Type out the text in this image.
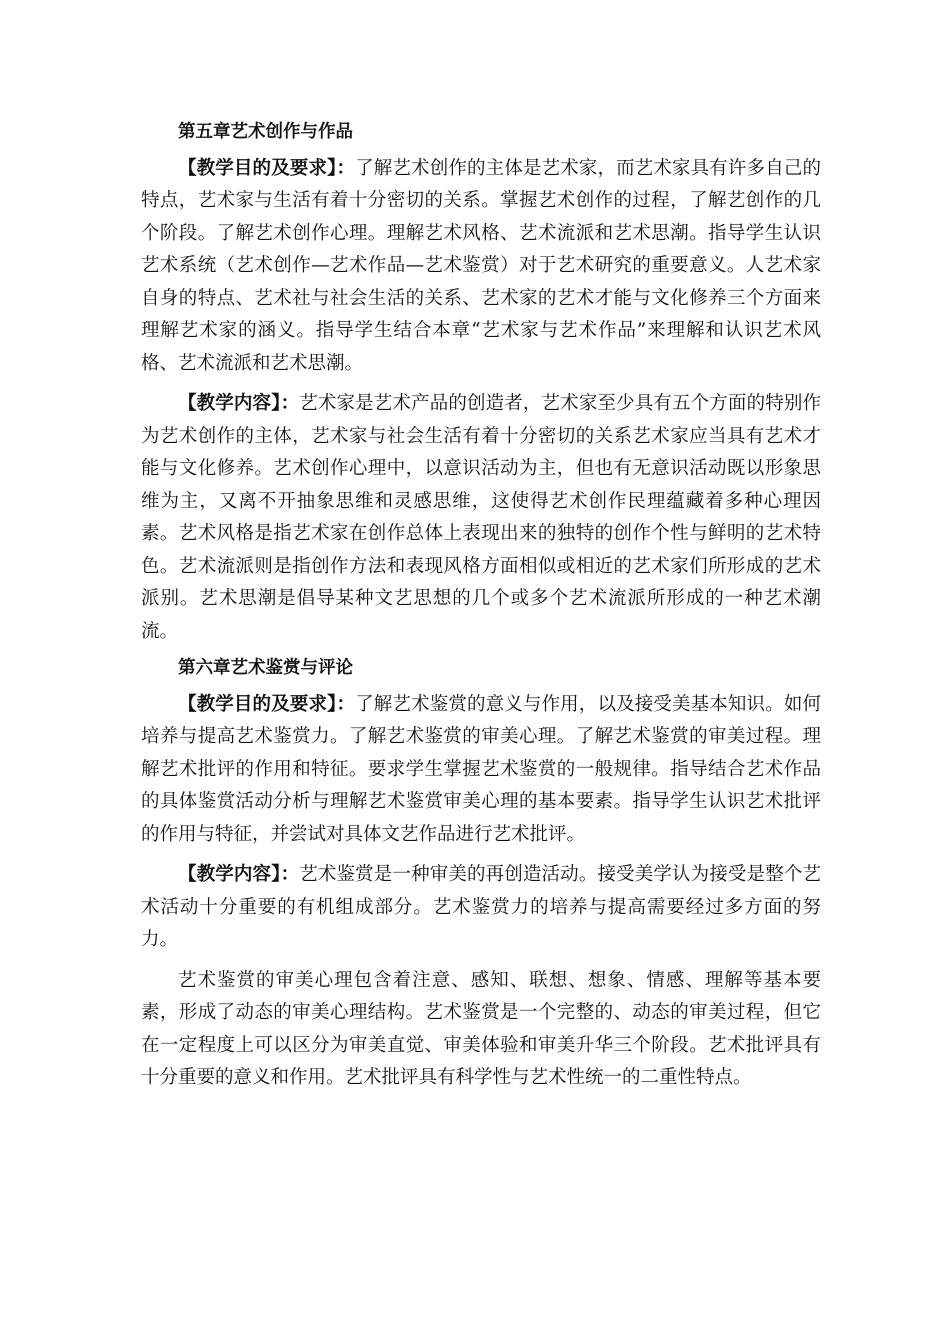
第五章艺术创作与作品

【教学目的及要求】：了解艺术创作的主体是艺术家，而艺术家具有许多自己的特点，艺术家与生活有着十分密切的关系。掌握艺术创作的过程，了解艺创作的几个阶段。了解艺术创作心理。理解艺术风格、艺术流派和艺术思潮。指导学生认识艺术系统（艺术创作—艺术作品—艺术鉴赏）对于艺术研究的重要意义。人艺术家自身的特点、艺术社与社会生活的关系、艺术家的艺术才能与文化修养三个方面来理解艺术家的涵义。指导学生结合本章“艺术家与艺术作品”来理解和认识艺术风格、艺术流派和艺术思潮。

【教学内容】：艺术家是艺术产品的创造者，艺术家至少具有五个方面的特别作为艺术创作的主体，艺术家与社会生活有着十分密切的关系艺术家应当具有艺术才能与文化修养。艺术创作心理中，以意识活动为主，但也有无意识活动既以形象思维为主，又离不开抽象思维和灵感思维，这使得艺术创作民理蕴藏着多种心理因素。艺术风格是指艺术家在创作总体上表现出来的独特的创作个性与鲜明的艺术特色。艺术流派则是指创作方法和表现风格方面相似或相近的艺术家们所形成的艺术派别。艺术思潮是倡导某种文艺思想的几个或多个艺术流派所形成的一种艺术潮流。

第六章艺术鉴赏与评论

【教学目的及要求】：了解艺术鉴赏的意义与作用，以及接受美基本知识。如何培养与提高艺术鉴赏力。了解艺术鉴赏的审美心理。了解艺术鉴赏的审美过程。理解艺术批评的作用和特征。要求学生掌握艺术鉴赏的一般规律。指导结合艺术作品的具体鉴赏活动分析与理解艺术鉴赏审美心理的基本要素。指导学生认识艺术批评的作用与特征，并尝试对具体文艺作品进行艺术批评。

【教学内容】：艺术鉴赏是一种审美的再创造活动。接受美学认为接受是整个艺术活动十分重要的有机组成部分。艺术鉴赏力的培养与提高需要经过多方面的努力。

艺术鉴赏的审美心理包含着注意、感知、联想、想象、情感、理解等基本要素，形成了动态的审美心理结构。艺术鉴赏是一个完整的、动态的审美过程，但它在一定程度上可以区分为审美直觉、审美体验和审美升华三个阶段。艺术批评具有十分重要的意义和作用。艺术批评具有科学性与艺术性统一的二重性特点。
